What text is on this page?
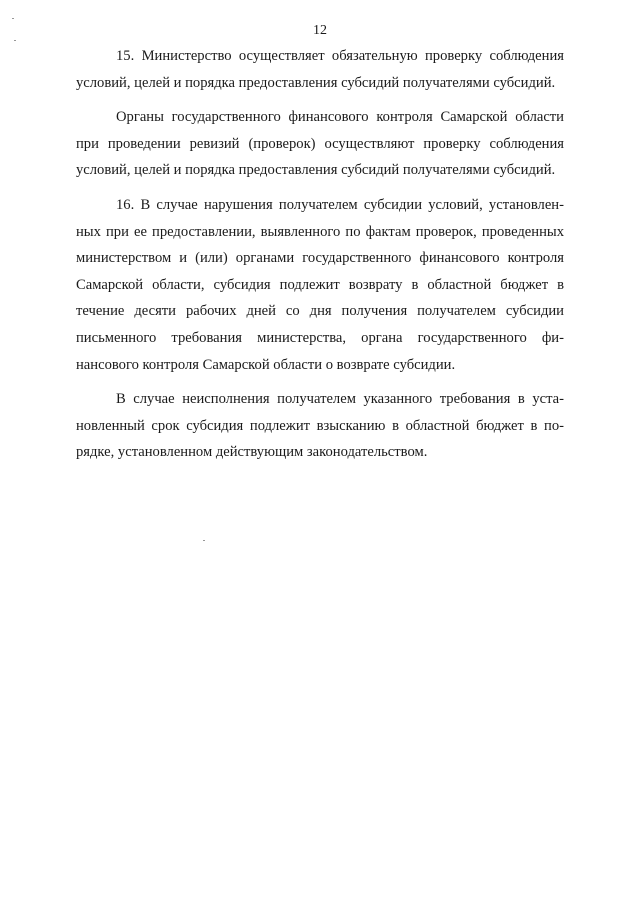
12

15. Министерство осуществляет обязательную проверку соблюдения условий, целей и порядка предоставления субсидий получателями субсидий.

Органы государственного финансового контроля Самарской области при проведении ревизий (проверок) осуществляют проверку соблюдения условий, целей и порядка предоставления субсидий получателями субсидий.

16. В случае нарушения получателем субсидии условий, установленных при ее предоставлении, выявленного по фактам проверок, проведенных министерством и (или) органами государственного финансового контроля Самарской области, субсидия подлежит возврату в областной бюджет в течение десяти рабочих дней со дня получения получателем субсидии письменного требования министерства, органа государственного финансового контроля Самарской области о возврате субсидии.

В случае неисполнения получателем указанного требования в установленный срок субсидия подлежит взысканию в областной бюджет в порядке, установленном действующим законодательством.
